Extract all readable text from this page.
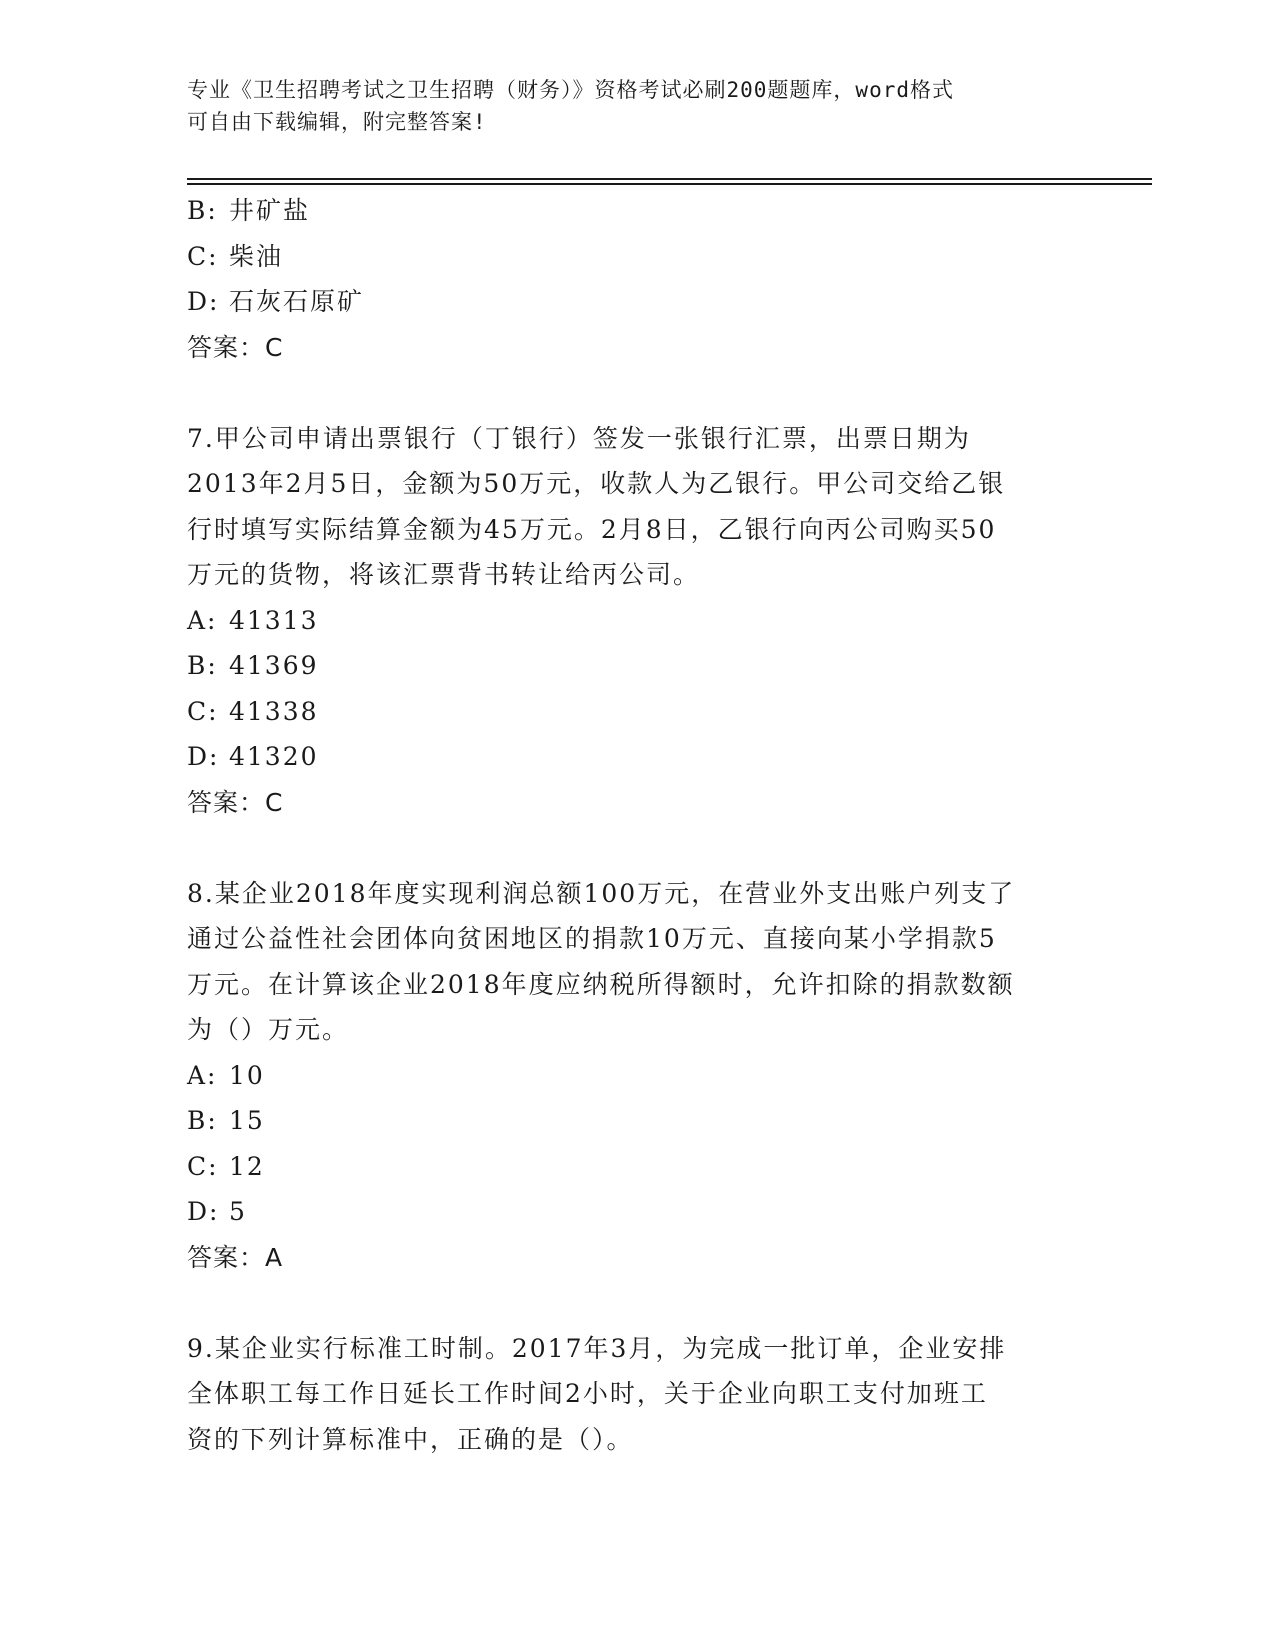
专业《卫生招聘考试之卫生招聘（财务）》资格考试必刷200题题库，word格式
可自由下载编辑，附完整答案!
B: 井矿盐
C: 柴油
D: 石灰石原矿
答案：C
7.甲公司申请出票银行（丁银行）签发一张银行汇票，出票日期为
2013年2月5日，金额为50万元，收款人为乙银行。甲公司交给乙银
行时填写实际结算金额为45万元。2月8日，乙银行向丙公司购买50
万元的货物，将该汇票背书转让给丙公司。
A: 41313
B: 41369
C: 41338
D: 41320
答案：C
8.某企业2018年度实现利润总额100万元，在营业外支出账户列支了
通过公益性社会团体向贫困地区的捐款10万元、直接向某小学捐款5
万元。在计算该企业2018年度应纳税所得额时，允许扣除的捐款数额
为（）万元。
A: 10
B: 15
C: 12
D: 5
答案：A
9.某企业实行标准工时制。2017年3月，为完成一批订单，企业安排
全体职工每工作日延长工作时间2小时，关于企业向职工支付加班工
资的下列计算标准中，正确的是（）。
